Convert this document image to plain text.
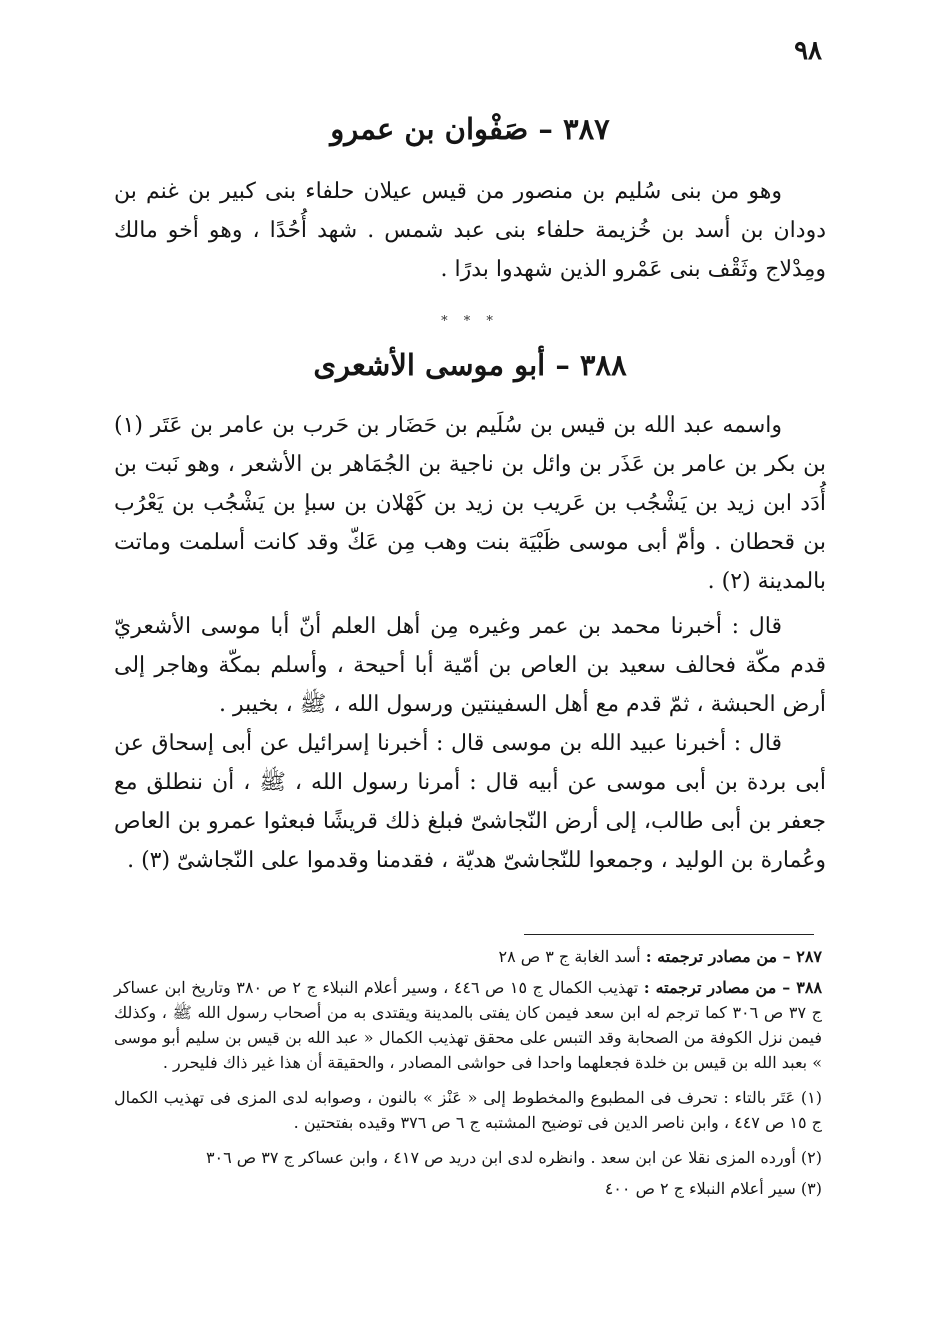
٩٨
٣٨٧ – صَفْوان بن عمرو

وهو من بنى سُليم بن منصور من قيس عيلان حلفاء بنى كبير بن غنم بن دودان بن أسد بن خُزيمة حلفاء بنى عبد شمس . شهد أُحُدًا ، وهو أخو مالك ومِدْلاج وثَقْف بنى عَمْرو الذين شهدوا بدرًا .

* * *
٣٨٨ – أبو موسى الأشعرى

واسمه عبد الله بن قيس بن سُلَيم بن حَضَار بن حَرب بن عامر بن عَتَر (١) بن بكر بن عامر بن عَذَر بن وائل بن ناجية بن الجُمَاهر بن الأشعر ، وهو نَبت بن أُدَد ابن زيد بن يَشْجُب بن عَريب بن زيد بن كَهْلان بن سبإ بن يَشْجُب بن يَعْرُب بن قحطان . وأمّ أبى موسى ظَبْيَة بنت وهب مِن عَكّ وقد كانت أسلمت وماتت بالمدينة (٢) .

قال : أخبرنا محمد بن عمر وغيره مِن أهل العلم أنّ أبا موسى الأشعريّ قدم مكّة فحالف سعيد بن العاص بن أمّية أبا أحيحة ، وأسلم بمكّة وهاجر إلى أرض الحبشة ، ثمّ قدم مع أهل السفينتين ورسول الله ، ﷺ ، بخيبر .

قال : أخبرنا عبيد الله بن موسى قال : أخبرنا إسرائيل عن أبى إسحاق عن أبى بردة بن أبى موسى عن أبيه قال : أمرنا رسول الله ، ﷺ ، أن ننطلق مع جعفر بن أبى طالب، إلى أرض النّجاشىّ فبلغ ذلك قريشًا فبعثوا عمرو بن العاص وعُمارة بن الوليد ، وجمعوا للنّجاشىّ هديّة ، فقدمنا وقدموا على النّجاشىّ (٣) .

٢٨٧ – من مصادر ترجمته : أسد الغابة ج ٣ ص ٢٨

٣٨٨ – من مصادر ترجمته : تهذيب الكمال ج ١٥ ص ٤٤٦ ، وسير أعلام النبلاء ج ٢ ص ٣٨٠ وتاريخ ابن عساكر ج ٣٧ ص ٣٠٦ كما ترجم له ابن سعد فيمن كان يفتى بالمدينة ويقتدى به من أصحاب رسول الله ﷺ ، وكذلك فيمن نزل الكوفة من الصحابة وقد التبس على محقق تهذيب الكمال « عبد الله بن قيس بن سليم أبو موسى » بعبد الله بن قيس بن خلدة فجعلهما واحدا فى حواشى المصادر ، والحقيقة أن هذا غير ذاك فليحرر .

(١) عَتَر بالتاء : تحرف فى المطبوع والمخطوط إلى « عَنْز » بالنون ، وصوابه لدى المزى فى تهذيب الكمال ج ١٥ ص ٤٤٧ ، وابن ناصر الدين فى توضيح المشتبه ج ٦ ص ٣٧٦ وقيده بفتحتين .

(٢) أورده المزى نقلا عن ابن سعد . وانظره لدى ابن دريد ص ٤١٧ ، وابن عساكر ج ٣٧ ص ٣٠٦

(٣) سير أعلام النبلاء ج ٢ ص ٤٠٠
